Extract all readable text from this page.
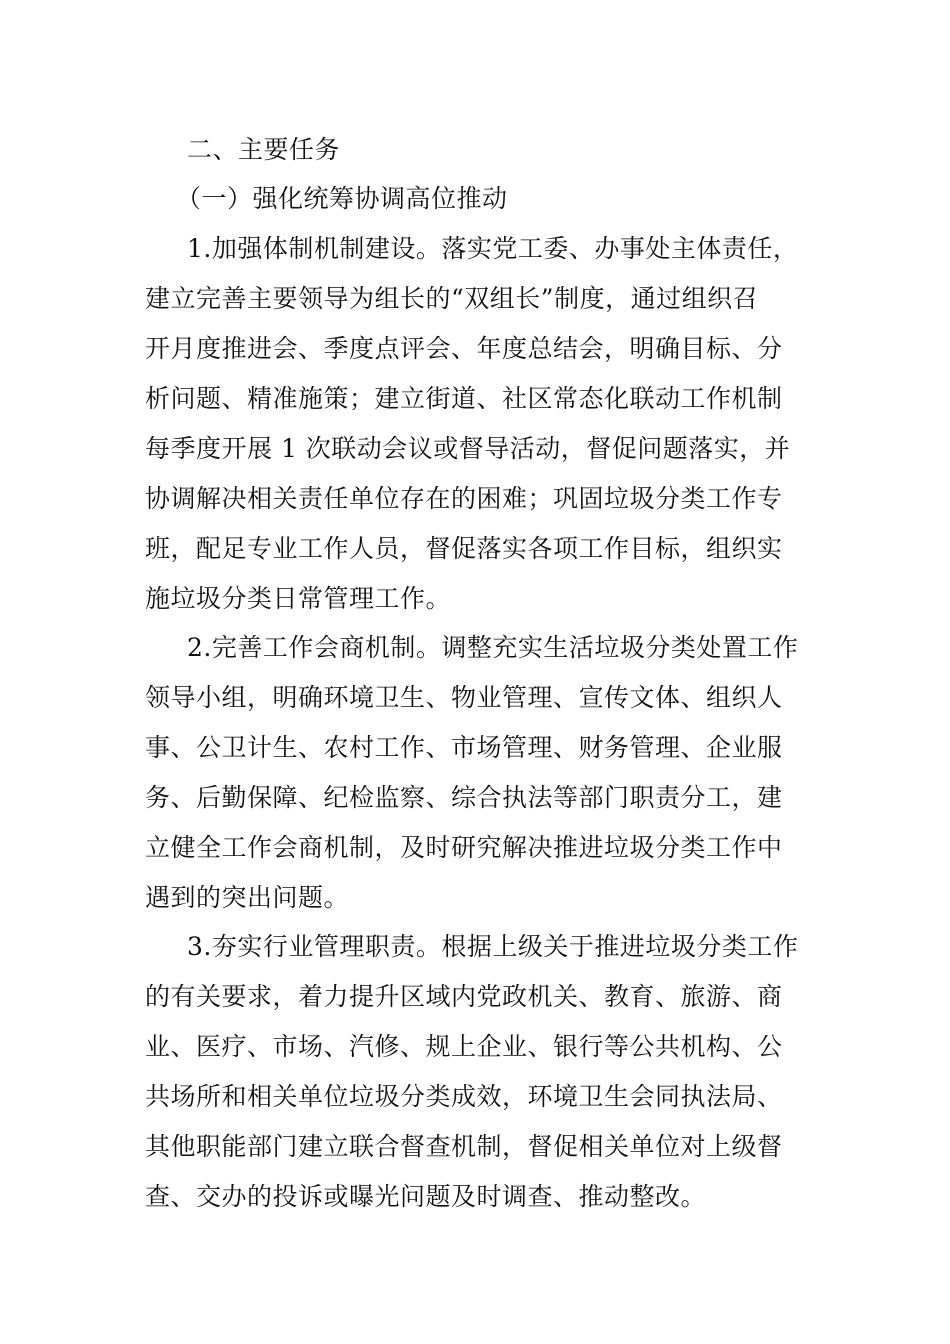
二、主要任务
（一）强化统筹协调高位推动
1.加强体制机制建设。落实党工委、办事处主体责任，
建立完善主要领导为组长的“双组长”制度，通过组织召
开月度推进会、季度点评会、年度总结会，明确目标、分
析问题、精准施策；建立街道、社区常态化联动工作机制
每季度开展 1 次联动会议或督导活动，督促问题落实，并
协调解决相关责任单位存在的困难；巩固垃圾分类工作专
班，配足专业工作人员，督促落实各项工作目标，组织实
施垃圾分类日常管理工作。
2.完善工作会商机制。调整充实生活垃圾分类处置工作
领导小组，明确环境卫生、物业管理、宣传文体、组织人
事、公卫计生、农村工作、市场管理、财务管理、企业服
务、后勤保障、纪检监察、综合执法等部门职责分工，建
立健全工作会商机制，及时研究解决推进垃圾分类工作中
遇到的突出问题。
3.夯实行业管理职责。根据上级关于推进垃圾分类工作
的有关要求，着力提升区域内党政机关、教育、旅游、商
业、医疗、市场、汽修、规上企业、银行等公共机构、公
共场所和相关单位垃圾分类成效，环境卫生会同执法局、
其他职能部门建立联合督查机制，督促相关单位对上级督
查、交办的投诉或曝光问题及时调查、推动整改。
